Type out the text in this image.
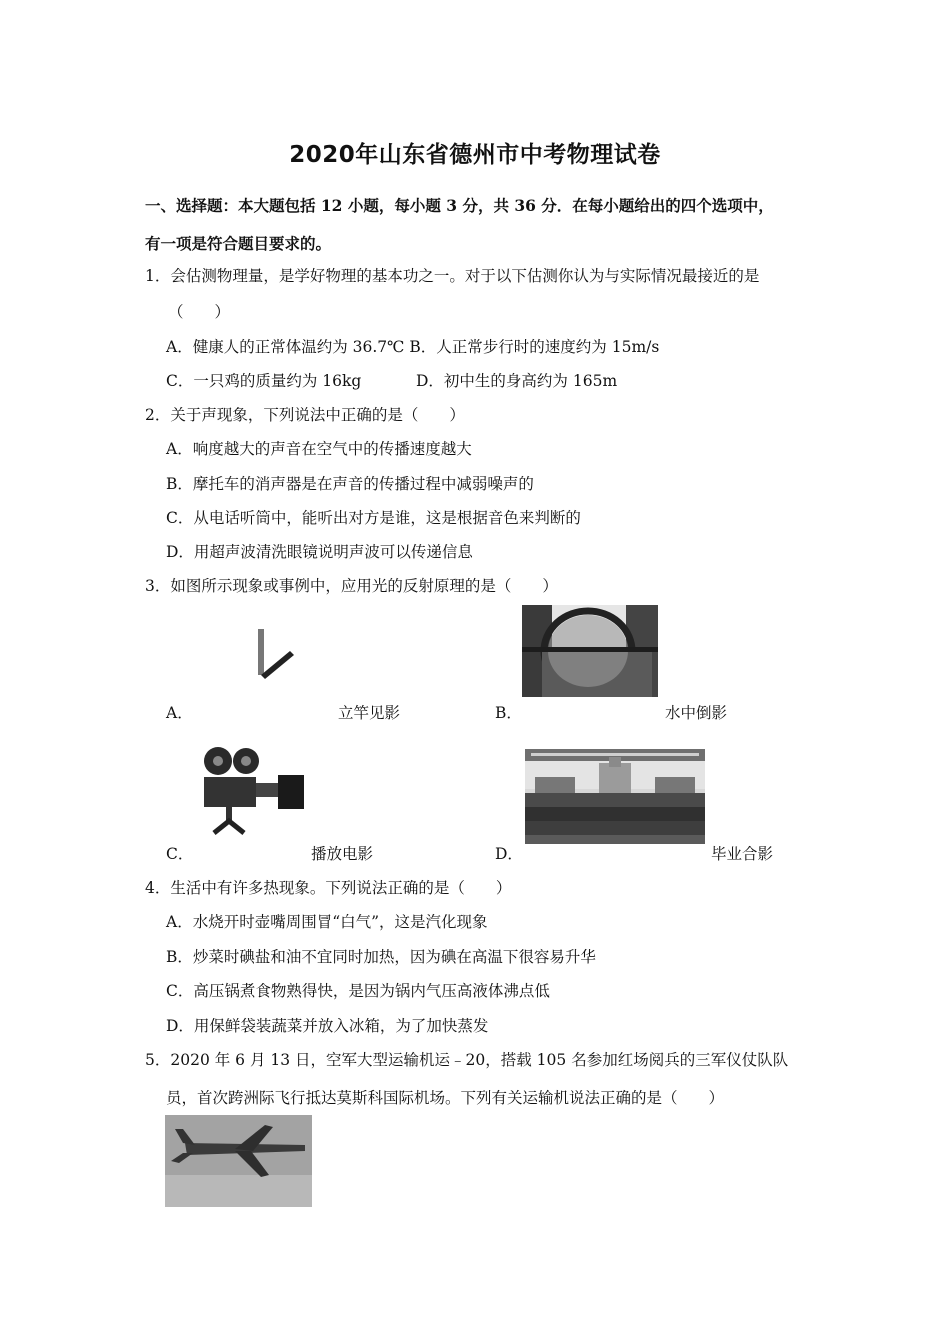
2020年山东省德州市中考物理试卷
一、选择题：本大题包括 12 小题，每小题 3 分，共 36 分．在每小题给出的四个选项中，
有一项是符合题目要求的。
1．会估测物理量，是学好物理的基本功之一。对于以下估测你认为与实际情况最接近的是
（　　）
A．健康人的正常体温约为 36.7℃ B．人正常步行时的速度约为 15m/s
C．一只鸡的质量约为 16kg	D．初中生的身高约为 165m
2．关于声现象，下列说法中正确的是（　　）
A．响度越大的声音在空气中的传播速度越大
B．摩托车的消声器是在声音的传播过程中减弱噪声的
C．从电话听筒中，能听出对方是谁，这是根据音色来判断的
D．用超声波清洗眼镜说明声波可以传递信息
3．如图所示现象或事例中，应用光的反射原理的是（　　）
A．	立竿见影	B．	水中倒影
C．	播放电影	D．	毕业合影
4．生活中有许多热现象。下列说法正确的是（　　）
A．水烧开时壶嘴周围冒“白气”，这是汽化现象
B．炒菜时碘盐和油不宜同时加热，因为碘在高温下很容易升华
C．高压锅煮食物熟得快，是因为锅内气压高液体沸点低
D．用保鲜袋装蔬菜并放入冰箱，为了加快蒸发
5．2020 年 6 月 13 日，空军大型运输机运﹣20，搭载 105 名参加红场阅兵的三军仪仗队队
员，首次跨洲际飞行抵达莫斯科国际机场。下列有关运输机说法正确的是（　　）
